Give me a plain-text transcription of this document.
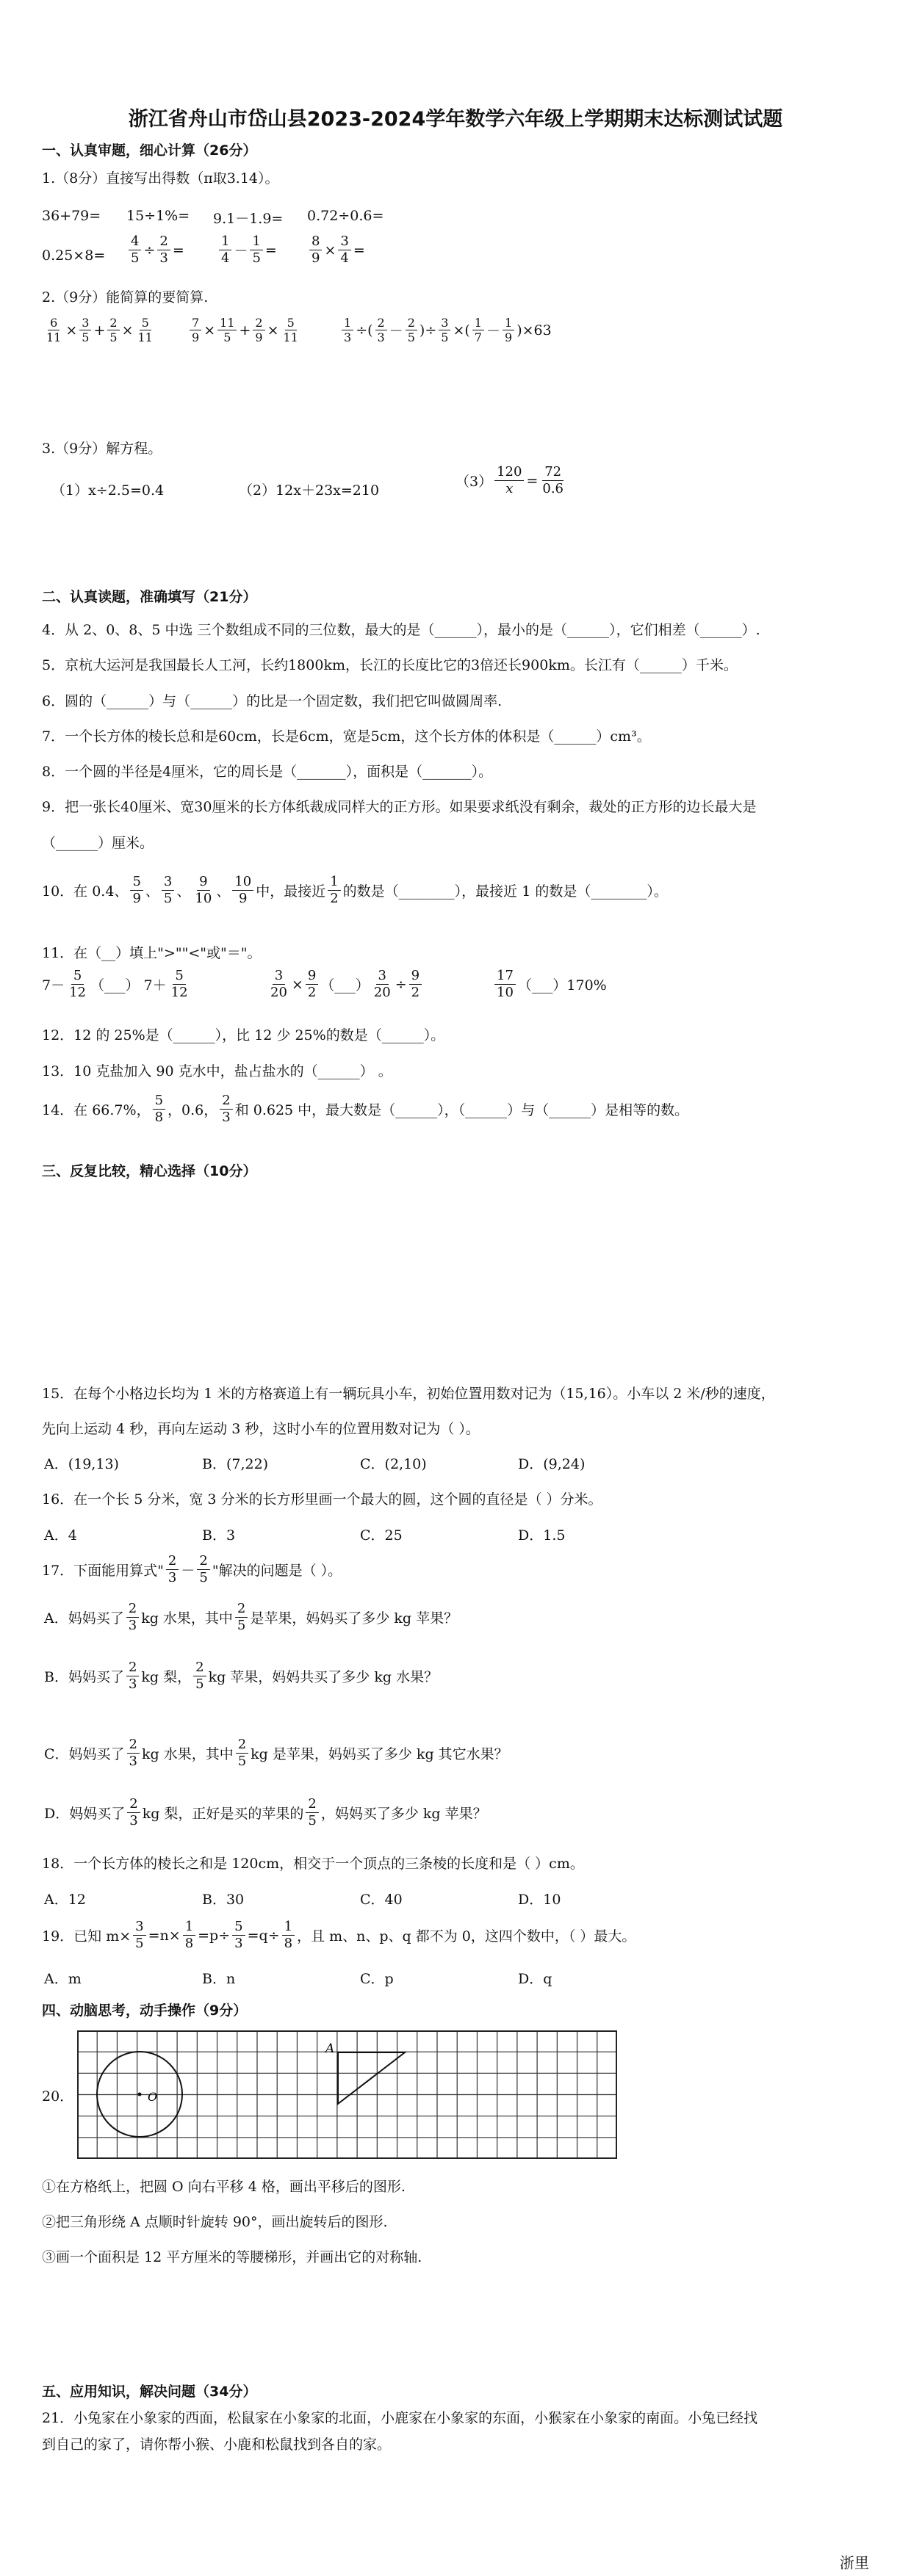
浙江省舟山市岱山县2023-2024学年数学六年级上学期期末达标测试试题
一、认真审题，细心计算（26分）
1.（8分）直接写出得数（π取3.14）。
36+79= 15÷1%= 9.1－1.9= 0.72÷0.6=
$0.25\times 8= \frac{4}{5} \div \frac{2}{3}$ =	$\frac{1}{4} - \frac{1}{5} = \frac{8}{9} \times \frac{3}{4}$ =
2.（9分）能简算的要简算.
$\frac{6}{11} \times \frac{3}{5} + \frac{2}{5} \times \frac{5}{11}$	$\frac{7}{9} \times \frac{11}{5} + \frac{2}{9} \times \frac{5}{11}$	$\frac{1}{3}$ ÷( $\frac{2}{3} - \frac{2}{5}$ )÷ $\frac{3}{5}$ ×( $\frac{1}{7} - \frac{1}{9}$ ) ×63
3.（9分）解方程。
（1）x÷2.5=0.4	（2）12x＋23x=210
$(3) \frac{120}{x} = \frac{72}{0.6}$
二、认真读题，准确填写（21分）
4．从 2、0、8、5 中选 三个数组成不同的三位数，最大的是（______），最小的是（______），它们相差（______）.
5．京杭大运河是我国最长人工河，长约1800km，长江的长度比它的3倍还长900km。长江有（______）千米。
6．圆的（______）与（______）的比是一个固定数，我们把它叫做圆周率.
7．一个长方体的棱长总和是60cm，长是6cm，宽是5cm，这个长方体的体积是（______）cm³。
8．一个圆的半径是4厘米，它的周长是（_______），面积是（_______）。
9．把一张长40厘米、宽30厘米的长方体纸裁成同样大的正方形。如果要求纸没有剩余，裁处的正方形的边长最大是
（______）厘米。
10．在 0.4、 $\frac{5}{9}$ 、 $\frac{3}{5}$ 、 $\frac{9}{10}$ 、 $\frac{10}{9}$ 中，最接近 $\frac{1}{2}$ 的数是（________），最接近 1 的数是（________）。
11．在（__）填上">""<"或"＝"。
$7- \frac{5}{12}$ （___） $7+ \frac{5}{12}$	$\frac{3}{20} \times \frac{9}{2}$ （___） $\frac{3}{20} \div \frac{9}{2}$	$\frac{17}{10}$ （___）170%
12．12 的 25%是（______），比 12 少 25%的数是（______）。
13．10 克盐加入 90 克水中，盐占盐水的（______） 。
14．在 66.7%， $\frac{5}{8}$ ，0.6， $\frac{2}{3}$ 和 0.625 中，最大数是（______），（______）与（______）是相等的数。
三、反复比较，精心选择（10分）
15．在每个小格边长均为 1 米的方格赛道上有一辆玩具小车，初始位置用数对记为（15,16）。小车以 2 米/秒的速度，
先向上运动 4 秒，再向左运动 3 秒，这时小车的位置用数对记为（ ）。
A．(19,13)	B．(7,22)	C．(2,10)	D．(9,24)
16．在一个长 5 分米，宽 3 分米的长方形里画一个最大的圆，这个圆的直径是（ ）分米。
A．4	B．3	C．25	D．1.5
17．下面能用算式" $\frac{2}{3} - \frac{2}{5}$ "解决的问题是（ ）。
A．妈妈买了 $\frac{2}{3}$ kg 水果，其中 $\frac{2}{5}$ 是苹果，妈妈买了多少 kg 苹果？
B．妈妈买了 $\frac{2}{3}$ kg 梨， $\frac{2}{5}$ kg 苹果，妈妈共买了多少 kg 水果？
C．妈妈买了 $\frac{2}{3}$ kg 水果，其中 $\frac{2}{5}$ kg 是苹果，妈妈买了多少 kg 其它水果？
D．妈妈买了 $\frac{2}{3}$ kg 梨，正好是买的苹果的 $\frac{2}{5}$ ，妈妈买了多少 kg 苹果？
18．一个长方体的棱长之和是 120cm，相交于一个顶点的三条棱的长度和是（ ）cm。
A．12	B．30	C．40	D．10
19．已知 $m\times \frac{3}{5} =n\times \frac{1}{8} =p\div \frac{5}{3} =q\div \frac{1}{8}$ ，且 m、n、p、q 都不为 0，这四个数中，（ ）最大。
A．m	B．n	C．p	D．q
四、动脑思考，动手操作（9分）
20．	O
A
①在方格纸上，把圆 O 向右平移 4 格，画出平移后的图形.
②把三角形绕 A 点顺时针旋转 90°，画出旋转后的图形.
③画一个面积是 12 平方厘米的等腰梯形，并画出它的对称轴.
五、应用知识，解决问题（34分）
21．小兔家在小象家的西面，松鼠家在小象家的北面，小鹿家在小象家的东面，小猴家在小象家的南面。小兔已经找
到自己的家了，请你帮小猴、小鹿和松鼠找到各自的家。
浙里
